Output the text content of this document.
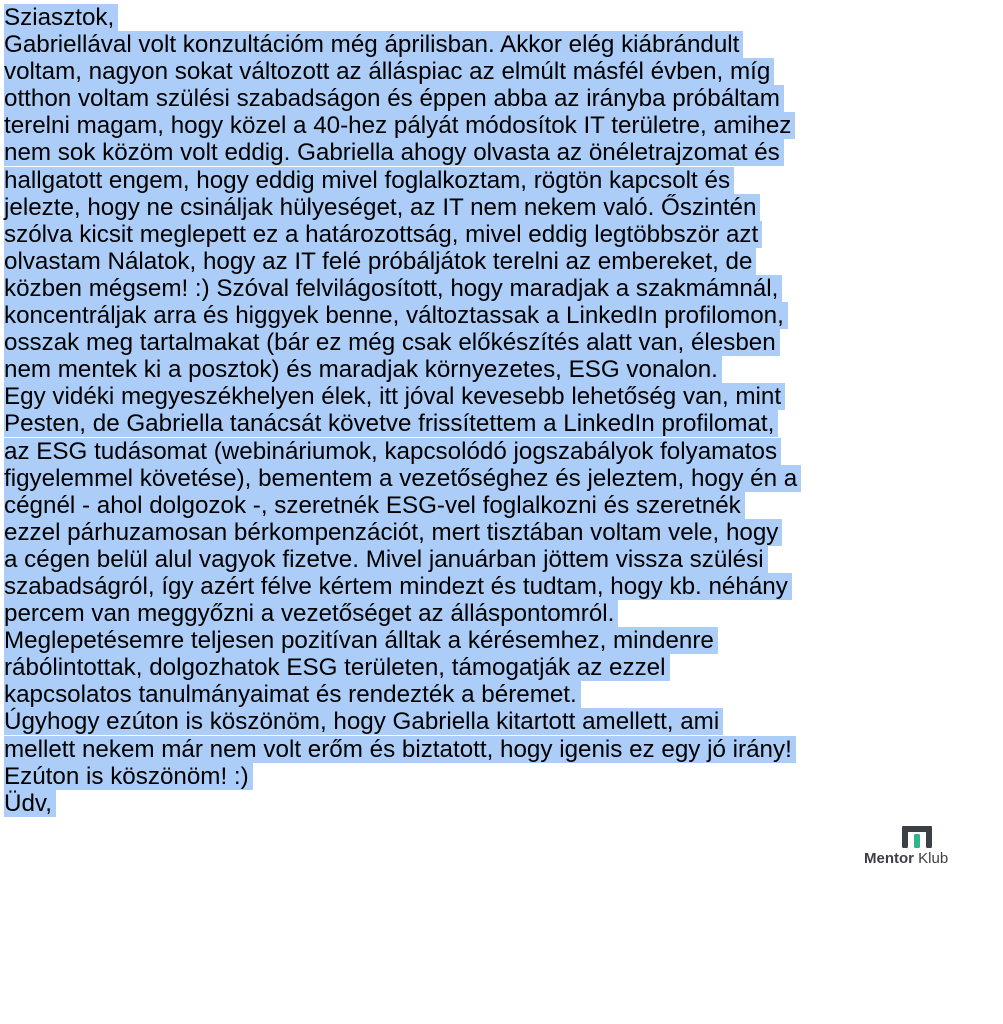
Sziasztok,
Gabriellával volt konzultációm még áprilisban. Akkor elég kiábrándult
voltam, nagyon sokat változott az álláspiac az elmúlt másfél évben, míg
otthon voltam szülési szabadságon és éppen abba az irányba próbáltam
terelni magam, hogy közel a 40-hez pályát módosítok IT területre, amihez
nem sok közöm volt eddig. Gabriella ahogy olvasta az önéletrajzomat és
hallgatott engem, hogy eddig mivel foglalkoztam, rögtön kapcsolt és
jelezte, hogy ne csináljak hülyeséget, az IT nem nekem való. Őszintén
szólva kicsit meglepett ez a határozottság, mivel eddig legtöbbször azt
olvastam Nálatok, hogy az IT felé próbáljátok terelni az embereket, de
közben mégsem! :) Szóval felvilágosított, hogy maradjak a szakmámnál,
koncentráljak arra és higgyek benne, változtassak a LinkedIn profilomon,
osszak meg tartalmakat (bár ez még csak előkészítés alatt van, élesben
nem mentek ki a posztok) és maradjak környezetes, ESG vonalon.
Egy vidéki megyeszékhelyen élek, itt jóval kevesebb lehetőség van, mint
Pesten, de Gabriella tanácsát követve frissítettem a LinkedIn profilomat,
az ESG tudásomat (webináriumok, kapcsolódó jogszabályok folyamatos
figyelemmel követése), bementem a vezetőséghez és jeleztem, hogy én a
cégnél - ahol dolgozok -, szeretnék ESG-vel foglalkozni és szeretnék
ezzel párhuzamosan bérkompenzációt, mert tisztában voltam vele, hogy
a cégen belül alul vagyok fizetve. Mivel januárban jöttem vissza szülési
szabadságról, így azért félve kértem mindezt és tudtam, hogy kb. néhány
percem van meggyőzni a vezetőséget az álláspontomról.
Meglepetésemre teljesen pozitívan álltak a kérésemhez, mindenre
rábólintottak, dolgozhatok ESG területen, támogatják az ezzel
kapcsolatos tanulmányaimat és rendezték a béremet.
Úgyhogy ezúton is köszönöm, hogy Gabriella kitartott amellett, ami
mellett nekem már nem volt erőm és biztatott, hogy igenis ez egy jó irány!
Ezúton is köszönöm! :)
Üdv,
Mentor Klub
